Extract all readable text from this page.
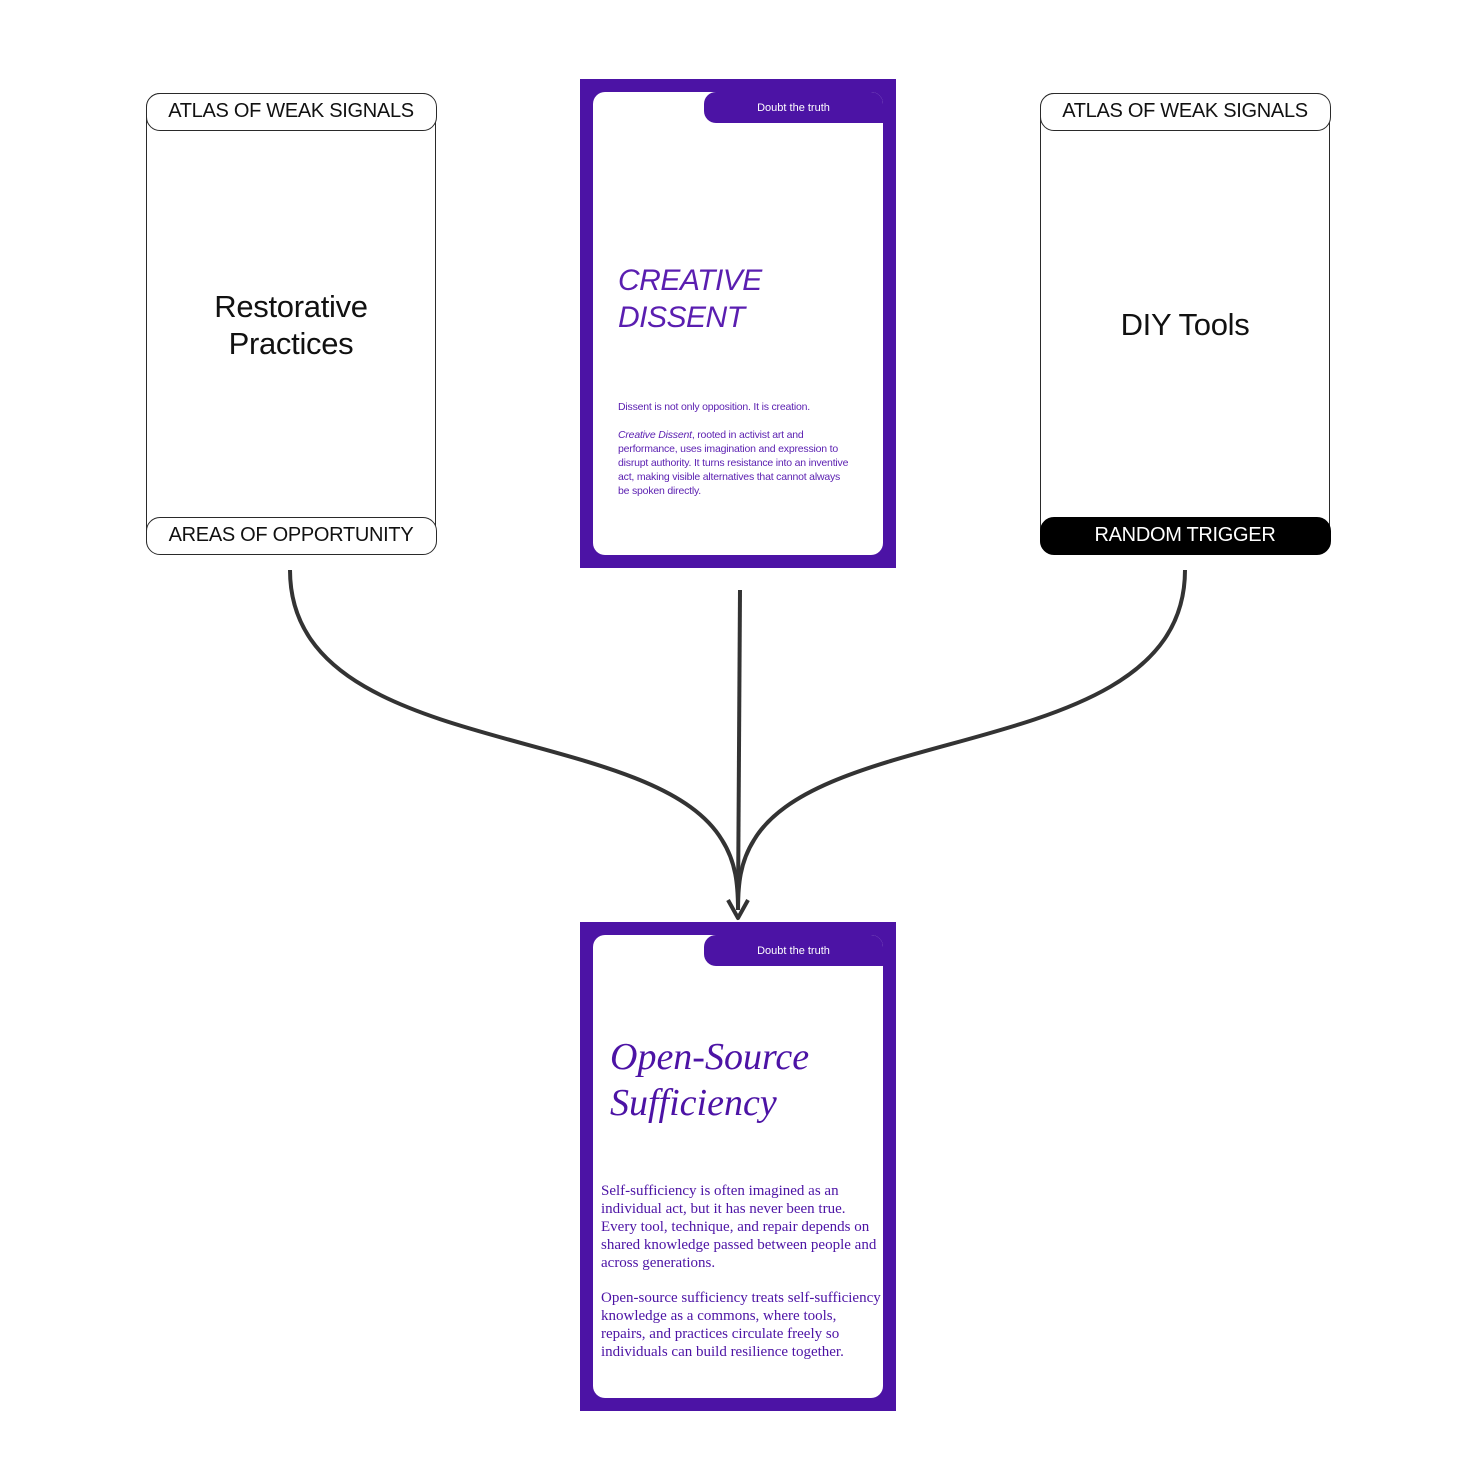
ATLAS OF WEAK SIGNALS
Restorative
Practices
AREAS OF OPPORTUNITY
Doubt the truth
CREATIVE
DISSENT
Dissent is not only opposition. It is creation.
Creative Dissent, rooted in activist art and performance, uses imagination and expression to disrupt authority. It turns resistance into an inventive act, making visible alternatives that cannot always be spoken directly.
ATLAS OF WEAK SIGNALS
DIY Tools
RANDOM TRIGGER
Doubt the truth
Open-Source
Sufficiency
Self-sufficiency is often imagined as an individual act, but it has never been true. Every tool, technique, and repair depends on shared knowledge passed between people and across generations.
Open-source sufficiency treats self-sufficiency knowledge as a commons, where tools, repairs, and practices circulate freely so individuals can build resilience together.
